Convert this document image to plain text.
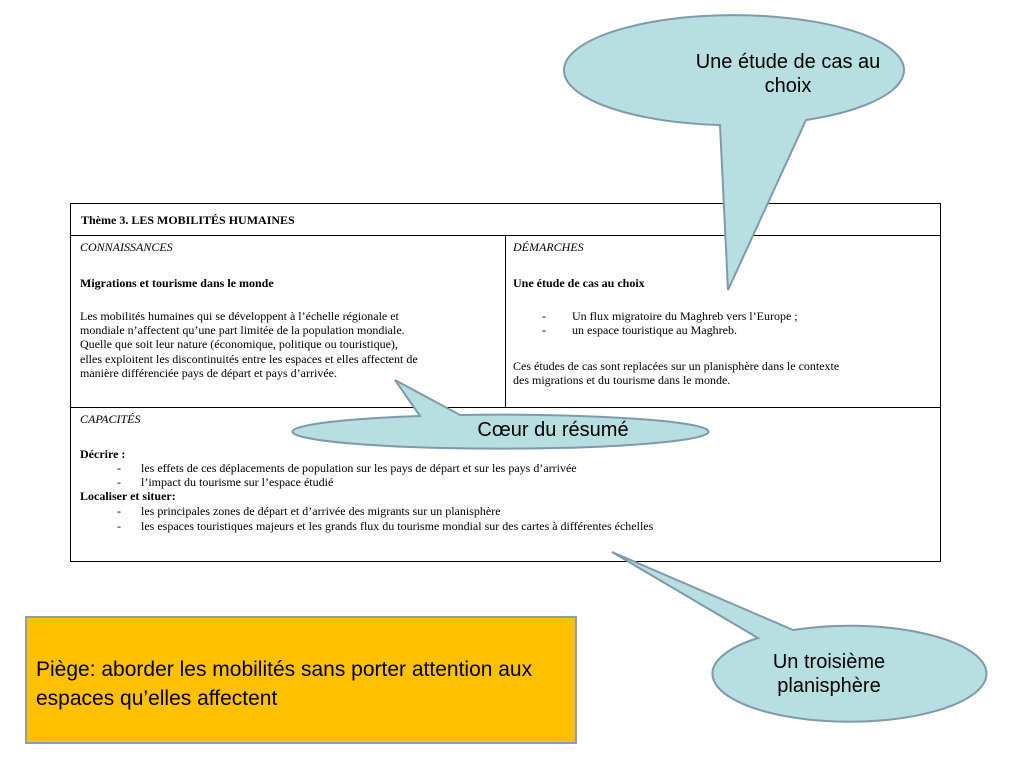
Thème 3. LES MOBILITÉS HUMAINES
CONNAISSANCES
Migrations et tourisme dans le monde
Les mobilités humaines qui se développent à l’échelle régionale et
mondiale n’affectent qu’une part limitée de la population mondiale.
Quelle que soit leur nature (économique, politique ou touristique),
elles exploitent les discontinuités entre les espaces et elles affectent de
manière différenciée pays de départ et pays d’arrivée.
DÉMARCHES
Une étude de cas au choix
- Un flux migratoire du Maghreb vers l’Europe ;
- un espace touristique au Maghreb.
Ces études de cas sont replacées sur un planisphère dans le contexte
des migrations et du tourisme dans le monde.
CAPACITÉS
Décrire :
- les effets de ces déplacements de population sur les pays de départ et sur les pays d’arrivée
- l’impact du tourisme sur l’espace étudié
Localiser et situer:
- les principales zones de départ et d’arrivée des migrants sur un planisphère
- les espaces touristiques majeurs et les grands flux du tourisme mondial sur des cartes à différentes échelles
Une étude de cas au
choix
Cœur du résumé
Un troisième
planisphère
Piège: aborder les mobilités sans porter attention aux espaces qu’elles affectent
